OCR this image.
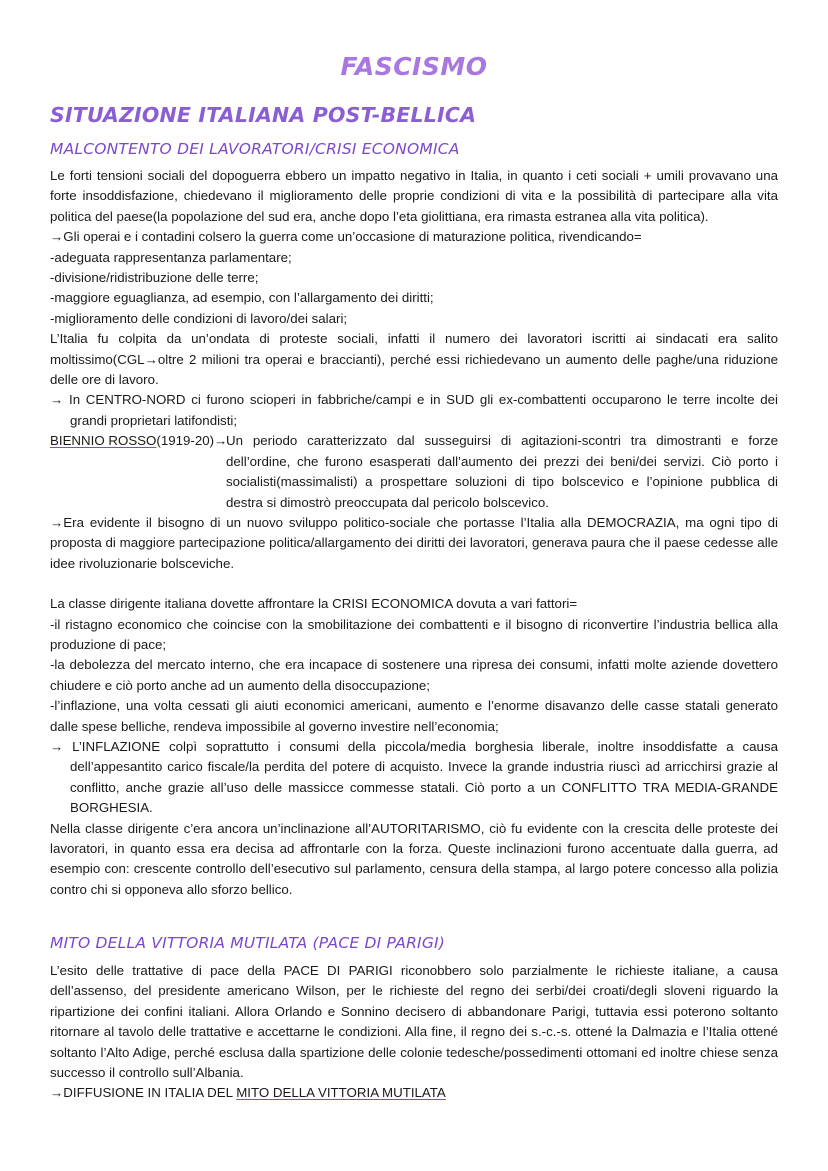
FASCISMO
SITUAZIONE ITALIANA POST-BELLICA
MALCONTENTO DEI LAVORATORI/CRISI ECONOMICA

Le forti tensioni sociali del dopoguerra ebbero un impatto negativo in Italia, in quanto i ceti sociali + umili provavano una forte insoddisfazione, chiedevano il miglioramento delle proprie condizioni di vita e la possibilità di partecipare alla vita politica del paese(la popolazione del sud era, anche dopo l’eta giolittiana, era rimasta estranea alla vita politica).

→Gli operai e i contadini colsero la guerra come un’occasione di maturazione politica, rivendicando=

-adeguata rappresentanza parlamentare;

-divisione/ridistribuzione delle terre;

-maggiore eguaglianza, ad esempio, con l’allargamento dei diritti;

-miglioramento delle condizioni di lavoro/dei salari;

L’Italia fu colpita da un’ondata di proteste sociali, infatti il numero dei lavoratori iscritti ai sindacati era salito moltissimo(CGL→oltre 2 milioni tra operai e braccianti), perché essi richiedevano un aumento delle paghe/una riduzione delle ore di lavoro.

→ In CENTRO-NORD ci furono scioperi in fabbriche/campi e in SUD gli ex-combattenti occuparono le terre incolte dei grandi proprietari latifondisti;

BIENNIO ROSSO(1919-20)→
Un periodo caratterizzato dal susseguirsi di agitazioni-scontri tra dimostranti e forze dell’ordine, che furono esasperati dall’aumento dei prezzi dei beni/dei servizi. Ciò porto i socialisti(massimalisti) a prospettare soluzioni di tipo bolscevico e l’opinione pubblica di destra si dimostrò preoccupata dal pericolo bolscevico.

→Era evidente il bisogno di un nuovo sviluppo politico-sociale che portasse l’Italia alla DEMOCRAZIA, ma ogni tipo di proposta di maggiore partecipazione politica/allargamento dei diritti dei lavoratori, generava paura che il paese cedesse alle idee rivoluzionarie bolsceviche.

La classe dirigente italiana dovette affrontare la CRISI ECONOMICA dovuta a vari fattori=

-il ristagno economico che coincise con la smobilitazione dei combattenti e il bisogno di riconvertire l’industria bellica alla produzione di pace;

-la debolezza del mercato interno, che era incapace di sostenere una ripresa dei consumi, infatti molte aziende dovettero chiudere e ciò porto anche ad un aumento della disoccupazione;

-l’inflazione, una volta cessati gli aiuti economici americani, aumento e l’enorme disavanzo delle casse statali generato dalle spese belliche, rendeva impossibile al governo investire nell’economia;

→ L’INFLAZIONE colpì soprattutto i consumi della piccola/media borghesia liberale, inoltre insoddisfatte a causa dell’appesantito carico fiscale/la perdita del potere di acquisto. Invece la grande industria riuscì ad arricchirsi grazie al conflitto, anche grazie all’uso delle massicce commesse statali. Ciò porto a un CONFLITTO TRA MEDIA-GRANDE BORGHESIA.

Nella classe dirigente c’era ancora un’inclinazione all’AUTORITARISMO, ciò fu evidente con la crescita delle proteste dei lavoratori, in quanto essa era decisa ad affrontarle con la forza. Queste inclinazioni furono accentuate dalla guerra, ad esempio con: crescente controllo dell’esecutivo sul parlamento, censura della stampa, al largo potere concesso alla polizia contro chi si opponeva allo sforzo bellico.

MITO DELLA VITTORIA MUTILATA (PACE DI PARIGI)

L’esito delle trattative di pace della PACE DI PARIGI riconobbero solo parzialmente le richieste italiane, a causa dell’assenso, del presidente americano Wilson, per le richieste del regno dei serbi/dei croati/degli sloveni riguardo la ripartizione dei confini italiani. Allora Orlando e Sonnino decisero di abbandonare Parigi, tuttavia essi poterono soltanto ritornare al tavolo delle trattative e accettarne le condizioni. Alla fine, il regno dei s.-c.-s. ottené la Dalmazia e l’Italia ottené soltanto l’Alto Adige, perché esclusa dalla spartizione delle colonie tedesche/possedimenti ottomani ed inoltre chiese senza successo il controllo sull’Albania.

→DIFFUSIONE IN ITALIA DEL MITO DELLA VITTORIA MUTILATA
